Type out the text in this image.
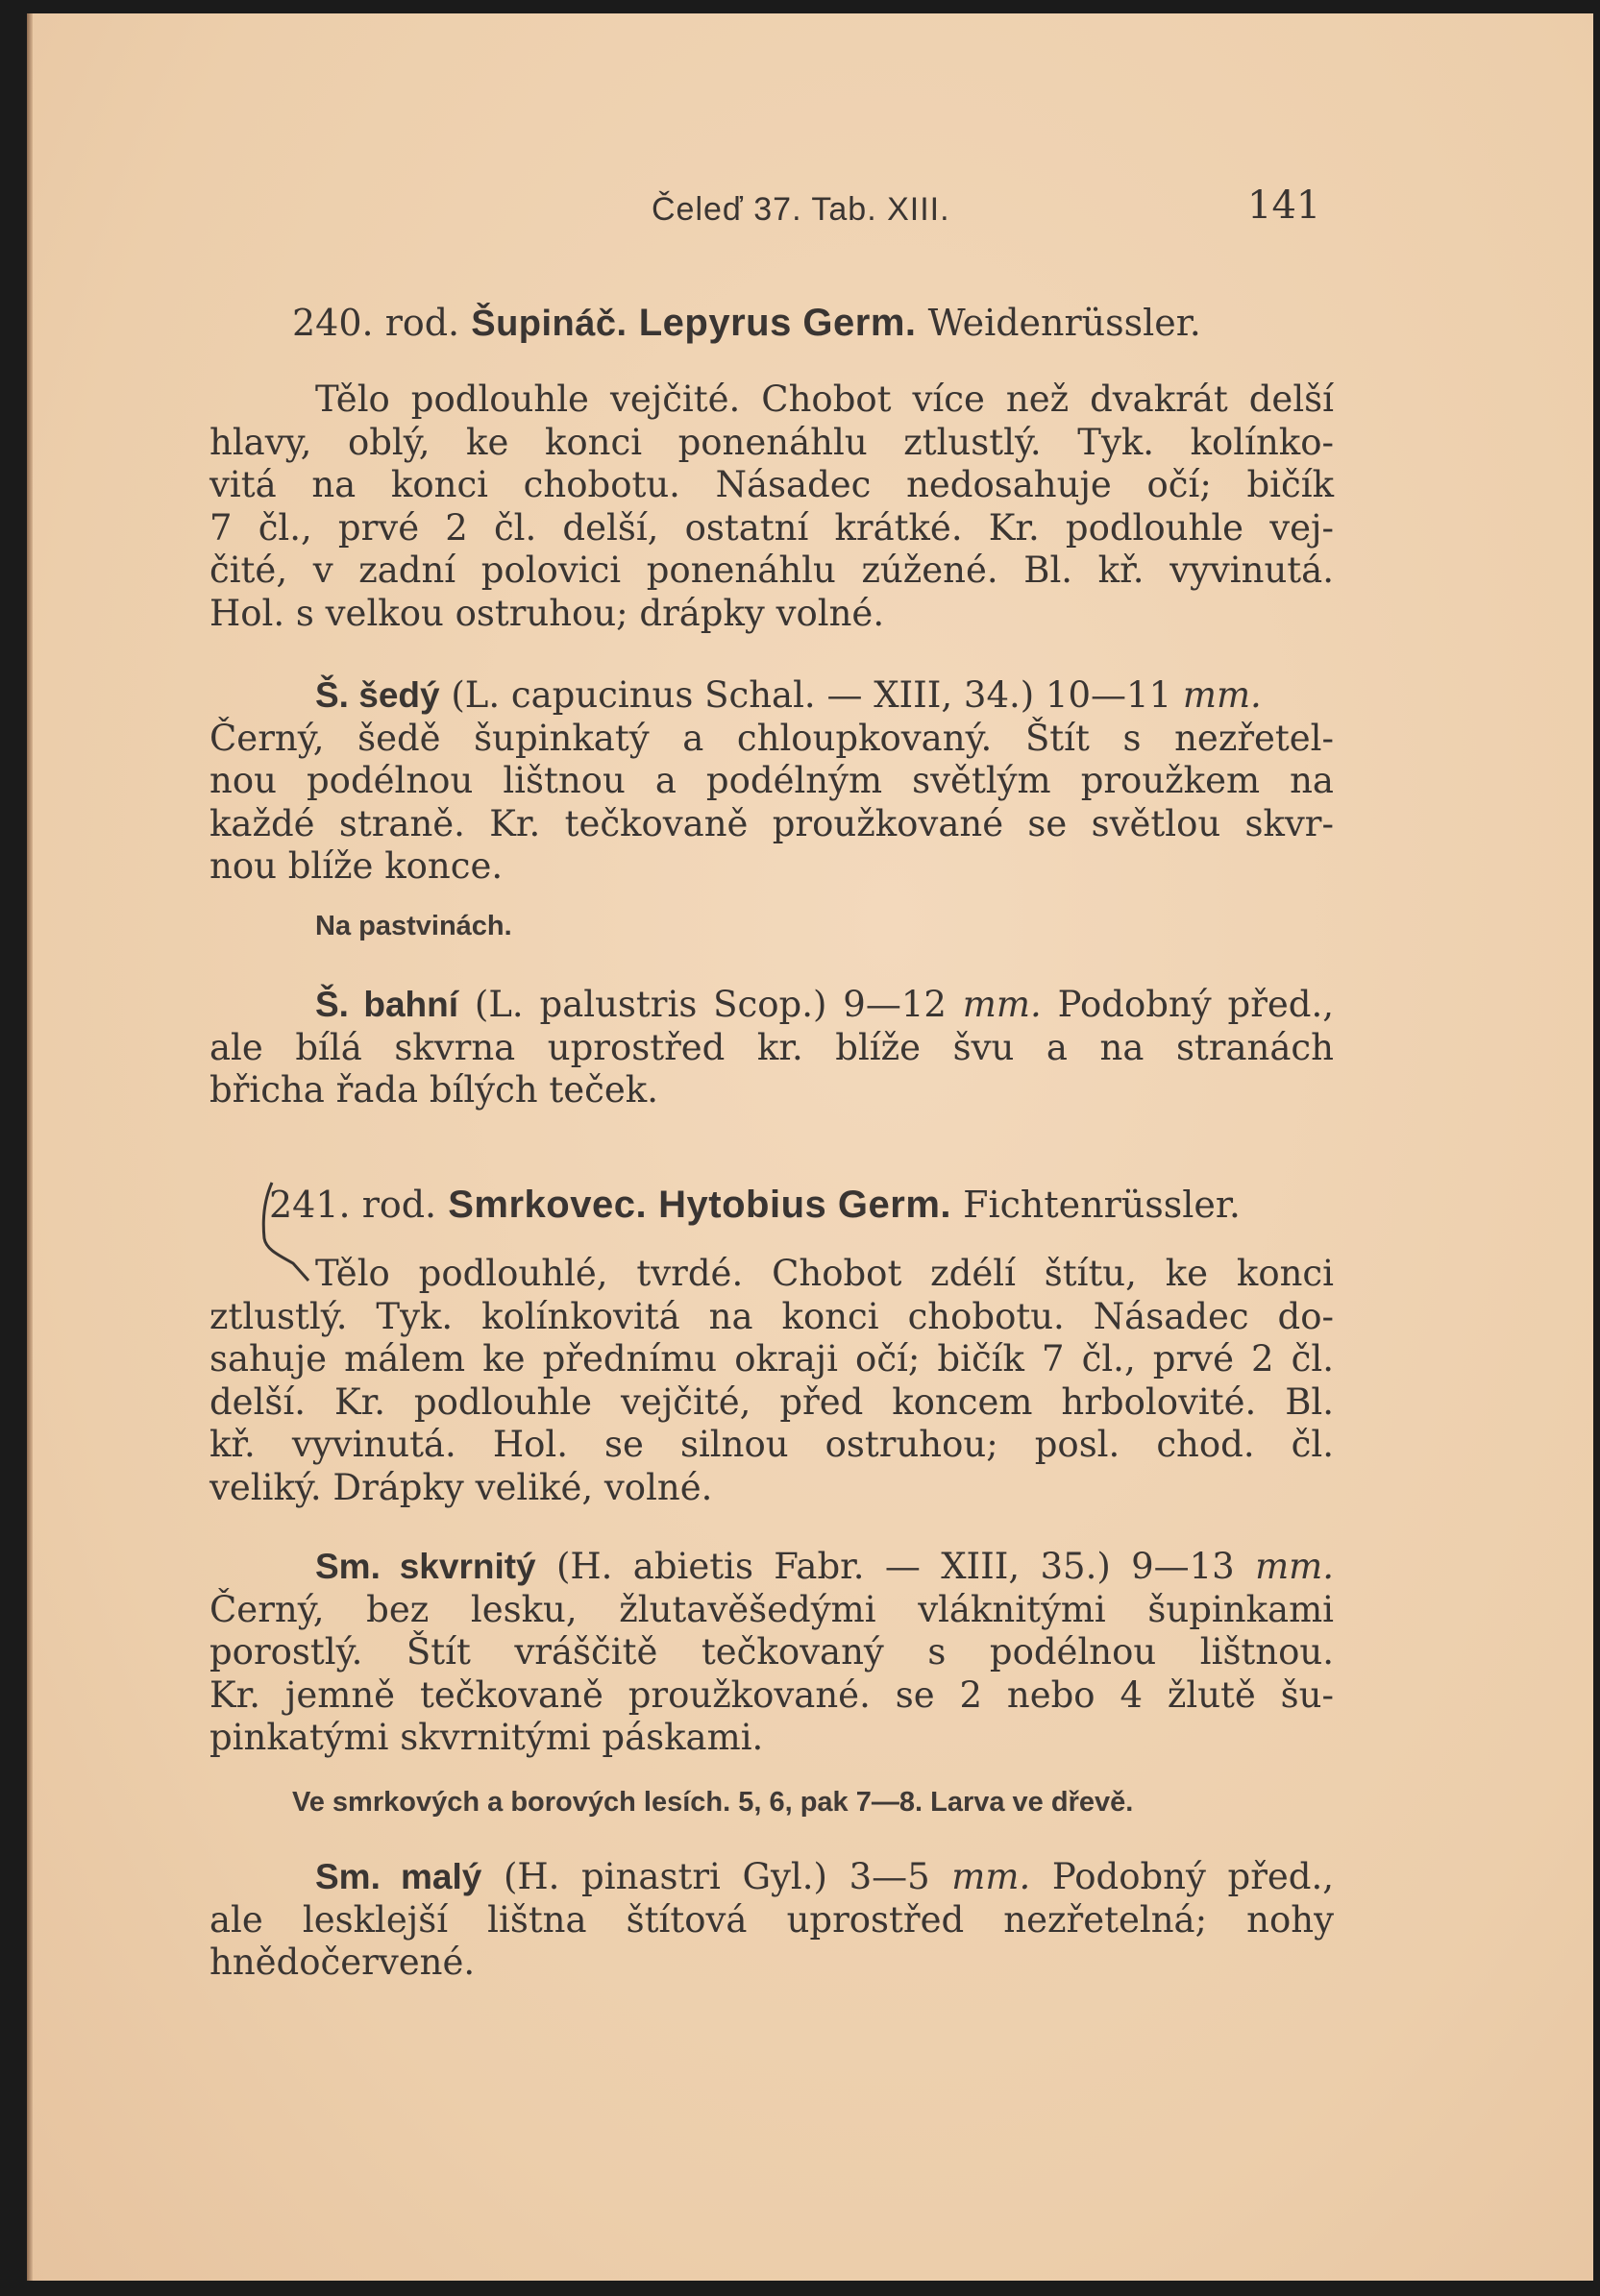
Čeleď 37. Tab. XIII.	141
240. rod. Šupináč. Lepyrus Germ. Weidenrüssler.

Tělo podlouhle vejčité. Chobot více než dvakrát delší

hlavy, oblý, ke konci ponenáhlu ztlustlý. Tyk. kolínko-

vitá na konci chobotu. Násadec nedosahuje očí; bičík

7 čl., prvé 2 čl. delší, ostatní krátké. Kr. podlouhle vej-

čité, v zadní polovici ponenáhlu zúžené. Bl. kř. vyvinutá.

Hol. s velkou ostruhou; drápky volné.

Š. šedý (L. capucinus Schal. — XIII, 34.) 10—11 mm.

Černý, šedě šupinkatý a chloupkovaný. Štít s nezřetel-

nou podélnou lištnou a podélným světlým proužkem na

každé straně. Kr. tečkovaně proužkované se světlou skvr-

nou blíže konce.

Na pastvinách.

Š. bahní (L. palustris Scop.) 9—12 mm. Podobný před.,

ale bílá skvrna uprostřed kr. blíže švu a na stranách

břicha řada bílých teček.

241. rod. Smrkovec. Hytobius Germ. Fichtenrüssler.

Tělo podlouhlé, tvrdé. Chobot zdélí štítu, ke konci

ztlustlý. Tyk. kolínkovitá na konci chobotu. Násadec do-

sahuje málem ke přednímu okraji očí; bičík 7 čl., prvé 2 čl.

delší. Kr. podlouhle vejčité, před koncem hrbolovité. Bl.

kř. vyvinutá. Hol. se silnou ostruhou; posl. chod. čl.

veliký. Drápky veliké, volné.

Sm. skvrnitý (H. abietis Fabr. — XIII, 35.) 9—13 mm.

Černý, bez lesku, žlutavěšedými vláknitými šupinkami

porostlý. Štít vráščitě tečkovaný s podélnou lištnou.

Kr. jemně tečkovaně proužkované. se 2 nebo 4 žlutě šu-

pinkatými skvrnitými páskami.

Ve smrkových a borových lesích. 5, 6, pak 7—8. Larva ve dřevě.

Sm. malý (H. pinastri Gyl.) 3—5 mm. Podobný před.,

ale lesklejší lištna štítová uprostřed nezřetelná; nohy

hnědočervené.
